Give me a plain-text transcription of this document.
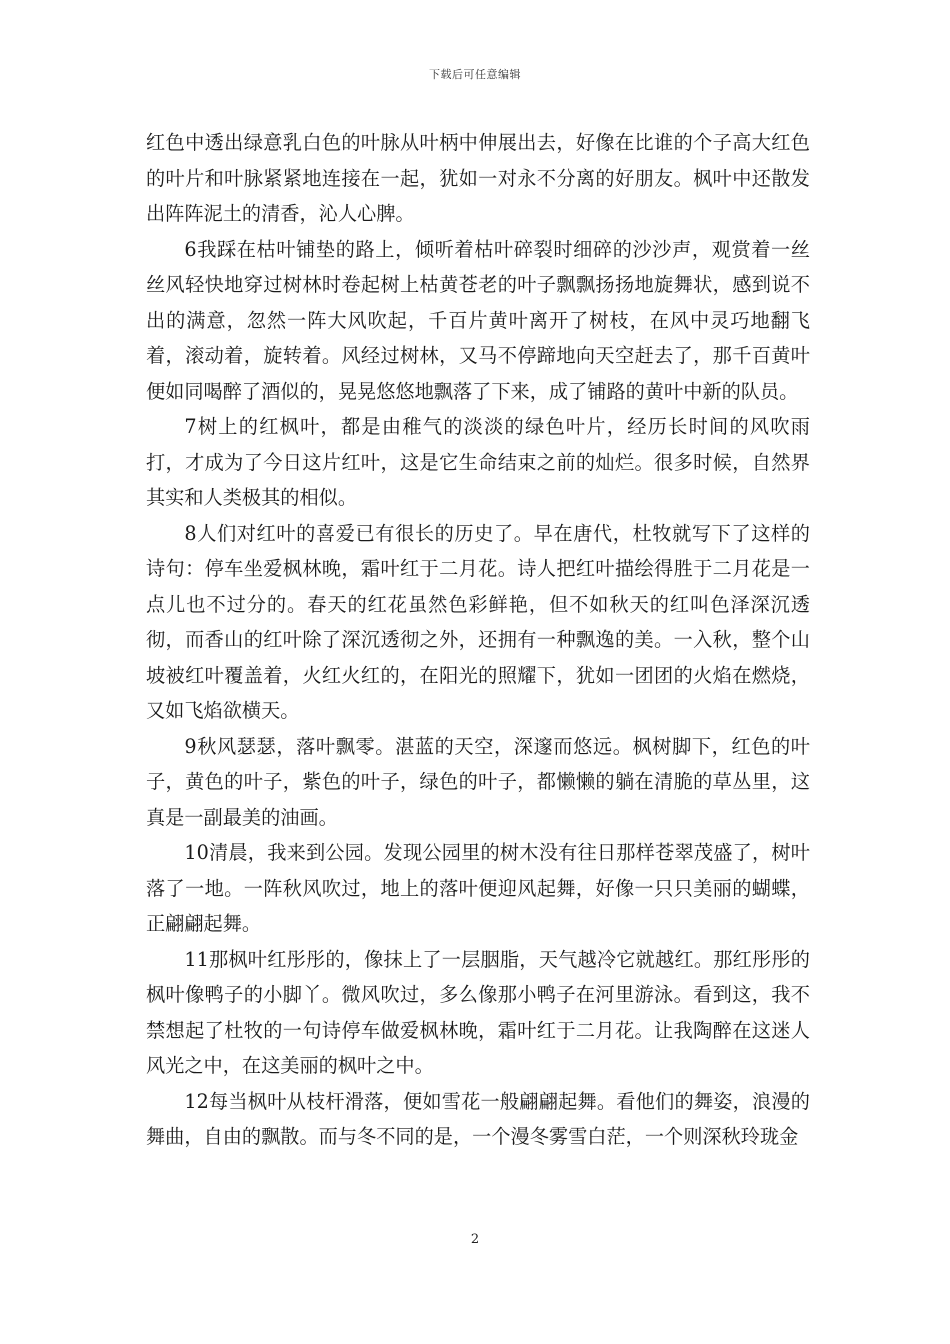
下载后可任意编辑

红色中透出绿意乳白色的叶脉从叶柄中伸展出去，好像在比谁的个子高大红色的叶片和叶脉紧紧地连接在一起，犹如一对永不分离的好朋友。枫叶中还散发出阵阵泥土的清香，沁人心脾。

6我踩在枯叶铺垫的路上，倾听着枯叶碎裂时细碎的沙沙声，观赏着一丝丝风轻快地穿过树林时卷起树上枯黄苍老的叶子飘飘扬扬地旋舞状，感到说不出的满意，忽然一阵大风吹起，千百片黄叶离开了树枝，在风中灵巧地翻飞着，滚动着，旋转着。风经过树林，又马不停蹄地向天空赶去了，那千百黄叶便如同喝醉了酒似的，晃晃悠悠地飘落了下来，成了铺路的黄叶中新的队员。

7树上的红枫叶，都是由稚气的淡淡的绿色叶片，经历长时间的风吹雨打，才成为了今日这片红叶，这是它生命结束之前的灿烂。很多时候，自然界其实和人类极其的相似。

8人们对红叶的喜爱已有很长的历史了。早在唐代，杜牧就写下了这样的诗句：停车坐爱枫林晚，霜叶红于二月花。诗人把红叶描绘得胜于二月花是一点儿也不过分的。春天的红花虽然色彩鲜艳，但不如秋天的红叫色泽深沉透彻，而香山的红叶除了深沉透彻之外，还拥有一种飘逸的美。一入秋，整个山坡被红叶覆盖着，火红火红的，在阳光的照耀下，犹如一团团的火焰在燃烧，又如飞焰欲横天。

9秋风瑟瑟，落叶飘零。湛蓝的天空，深邃而悠远。枫树脚下，红色的叶子，黄色的叶子，紫色的叶子，绿色的叶子，都懒懒的躺在清脆的草丛里，这真是一副最美的油画。

10清晨，我来到公园。发现公园里的树木没有往日那样苍翠茂盛了，树叶落了一地。一阵秋风吹过，地上的落叶便迎风起舞，好像一只只美丽的蝴蝶，正翩翩起舞。

11那枫叶红彤彤的，像抹上了一层胭脂，天气越冷它就越红。那红彤彤的枫叶像鸭子的小脚丫。微风吹过，多么像那小鸭子在河里游泳。看到这，我不禁想起了杜牧的一句诗停车做爱枫林晚，霜叶红于二月花。让我陶醉在这迷人风光之中，在这美丽的枫叶之中。

12每当枫叶从枝杆滑落，便如雪花一般翩翩起舞。看他们的舞姿，浪漫的舞曲，自由的飘散。而与冬不同的是，一个漫冬雾雪白茫，一个则深秋玲珑金

2
